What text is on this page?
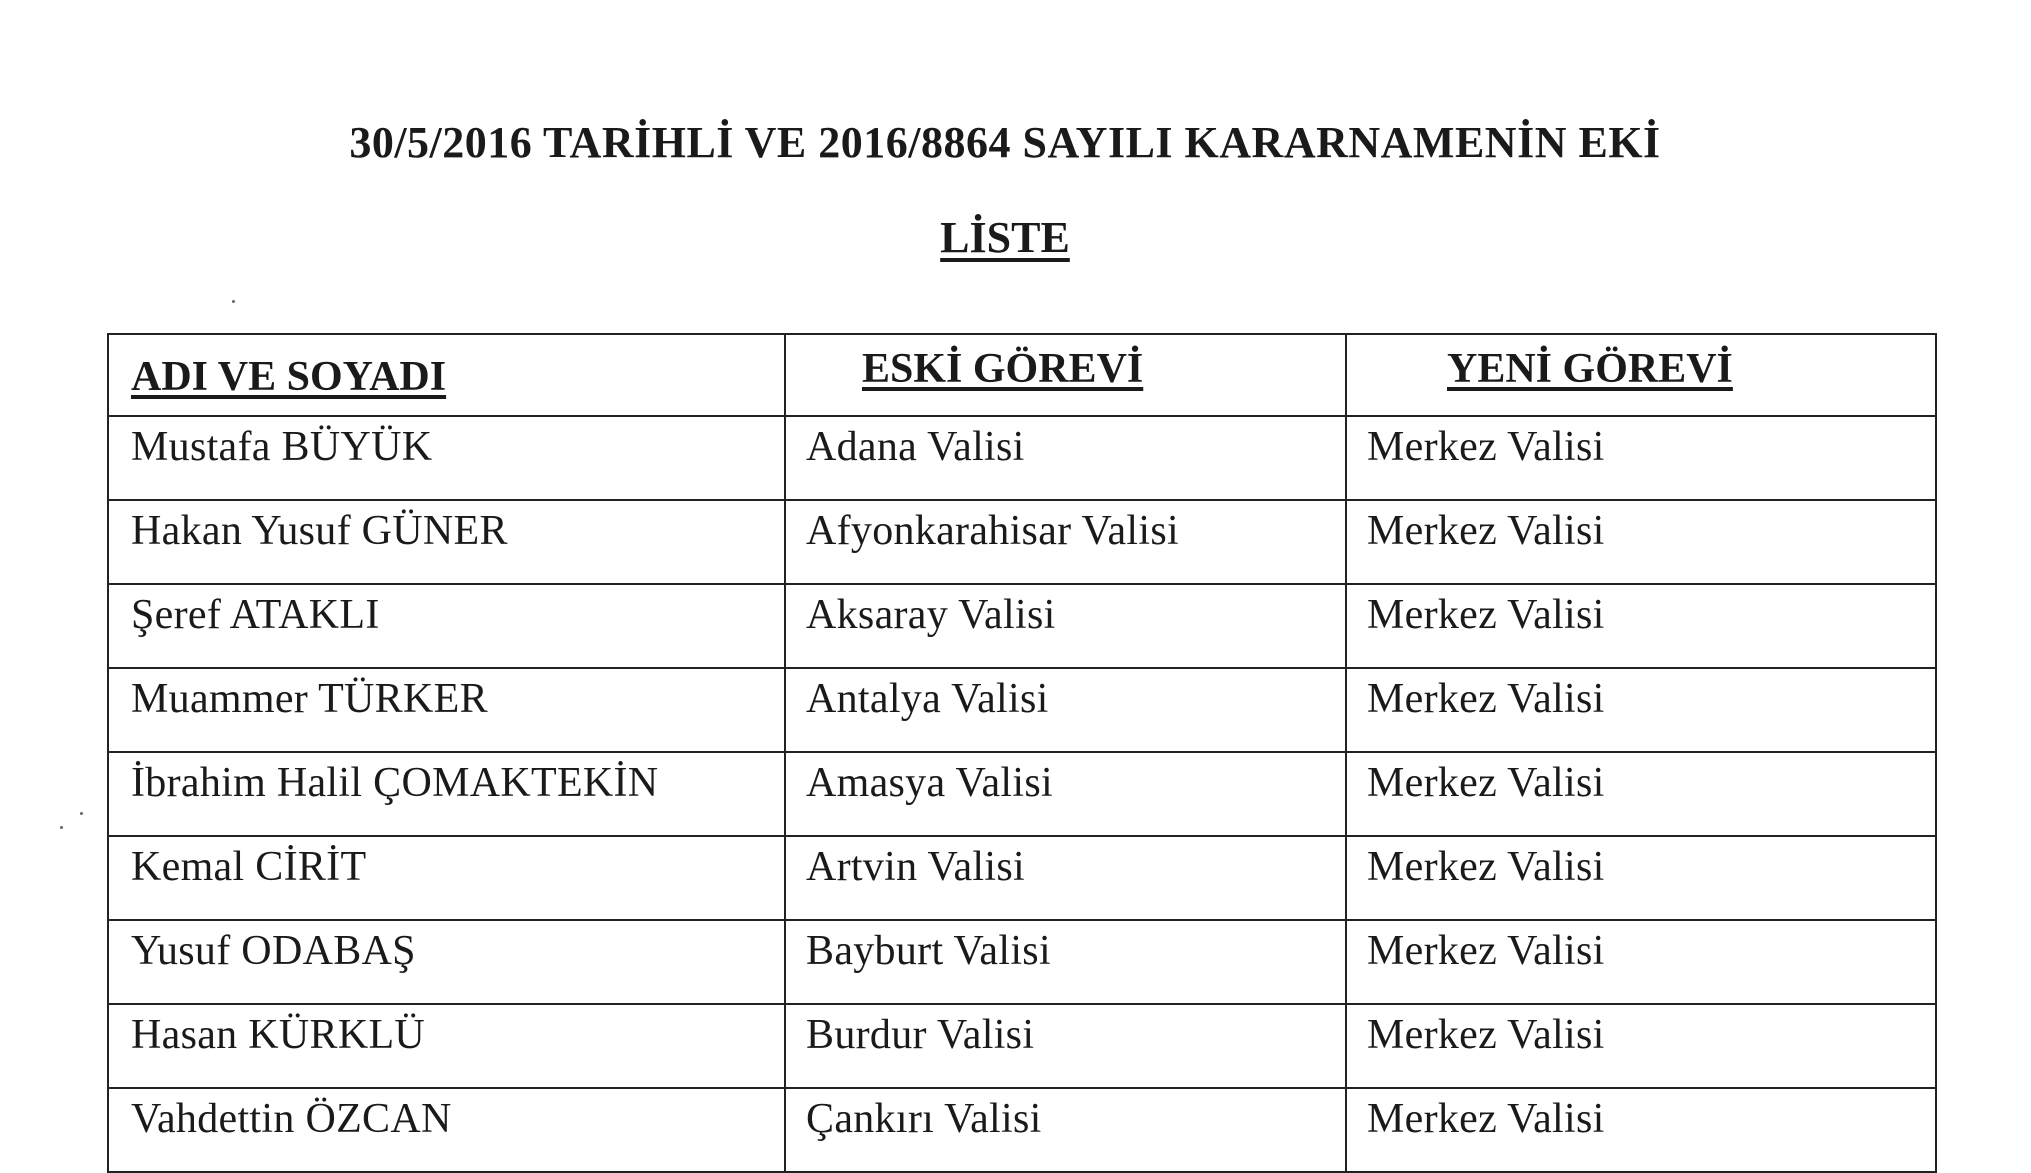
30/5/2016 TARİHLİ VE 2016/8864 SAYILI KARARNAMENİN EKİ
LİSTE
ADI VE SOYADI	ESKİ GÖREVİ	YENİ GÖREVİ
Mustafa BÜYÜK	Adana Valisi	Merkez Valisi
Hakan Yusuf GÜNER	Afyonkarahisar Valisi	Merkez Valisi
Şeref ATAKLI	Aksaray Valisi	Merkez Valisi
Muammer TÜRKER	Antalya Valisi	Merkez Valisi
İbrahim Halil ÇOMAKTEKİN	Amasya Valisi	Merkez Valisi
Kemal CİRİT	Artvin Valisi	Merkez Valisi
Yusuf ODABAŞ	Bayburt Valisi	Merkez Valisi
Hasan KÜRKLÜ	Burdur Valisi	Merkez Valisi
Vahdettin ÖZCAN	Çankırı Valisi	Merkez Valisi
